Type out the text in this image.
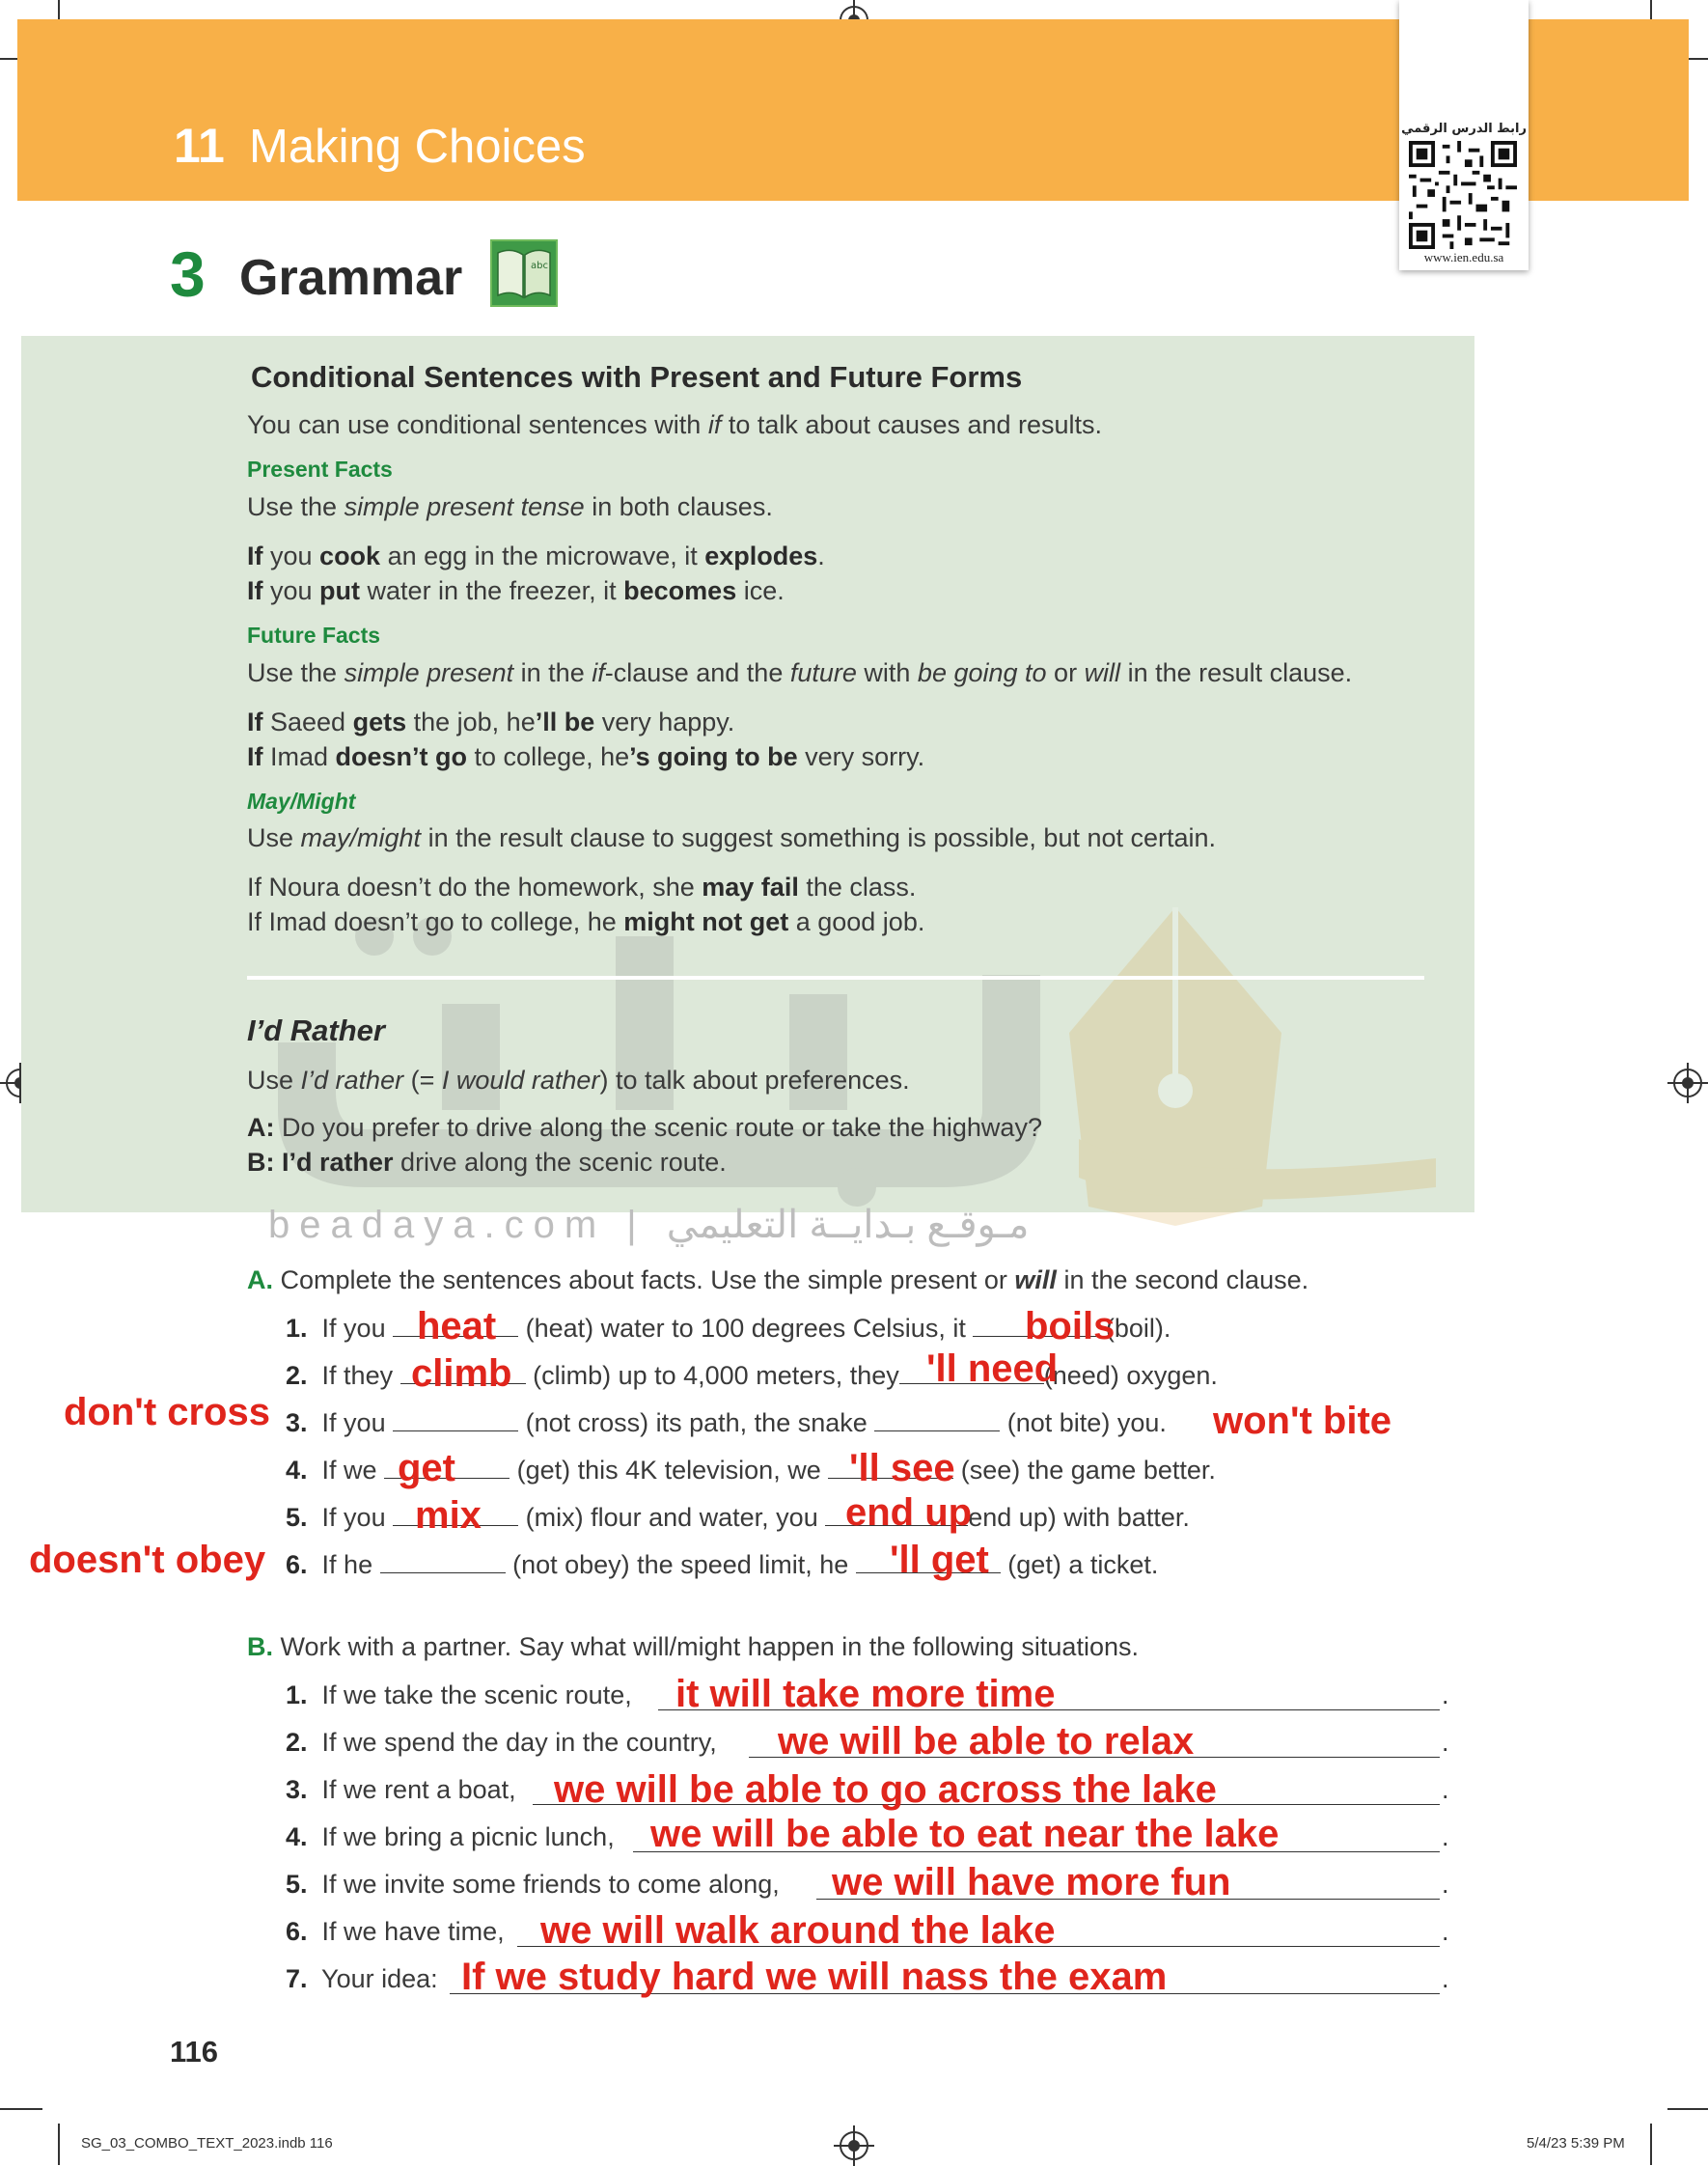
11 Making Choices	رابط الدرس الرقمي
www.ien.edu.sa
3 Grammar	abc
beadaya.com | مـوقـع بـدايــة التعليمي
Conditional Sentences with Present and Future Forms
You can use conditional sentences with if to talk about causes and results.
Present Facts
Use the simple present tense in both clauses.
If you cook an egg in the microwave, it explodes.
If you put water in the freezer, it becomes ice.
Future Facts
Use the simple present in the if-clause and the future with be going to or will in the result clause.
If Saeed gets the job, he’ll be very happy.
If Imad doesn’t go to college, he’s going to be very sorry.
May/Might
Use may/might in the result clause to suggest something is possible, but not certain.
If Noura doesn’t do the homework, she may fail the class.
If Imad doesn’t go to college, he might not get a good job.
I’d Rather
Use I’d rather (= I would rather) to talk about preferences.
A: Do you prefer to drive along the scenic route or take the highway?
B: I’d rather drive along the scenic route.
A. Complete the sentences about facts. Use the simple present or will in the second clause.
1. If you	(heat) water to 100 degrees Celsius, it	(boil).
heat	boils
2. If they	(climb) up to 4,000 meters, they	(need) oxygen.
climb	'll need
3. If you	(not cross) its path, the snake	(not bite) you.
don't cross	won't bite
4. If we	(get) this 4K television, we	(see) the game better.
get	'll see
5. If you	(mix) flour and water, you	end up) with batter.
mix	end up
6. If he	(not obey) the speed limit, he	(get) a ticket.
doesn't obey	'll get
B. Work with a partner. Say what will/might happen in the following situations.
1. If we take the scenic route,	.
it will take more time
2. If we spend the day in the country,	.
we will be able to relax
3. If we rent a boat,	.
we will be able to go across the lake
4. If we bring a picnic lunch,	.
we will be able to eat near the lake
5. If we invite some friends to come along,	.
we will have more fun
6. If we have time,	.
we will walk around the lake
7. Your idea:	.
If we study hard we will nass the exam
116
SG_03_COMBO_TEXT_2023.indb 116	5/4/23 5:39 PM
